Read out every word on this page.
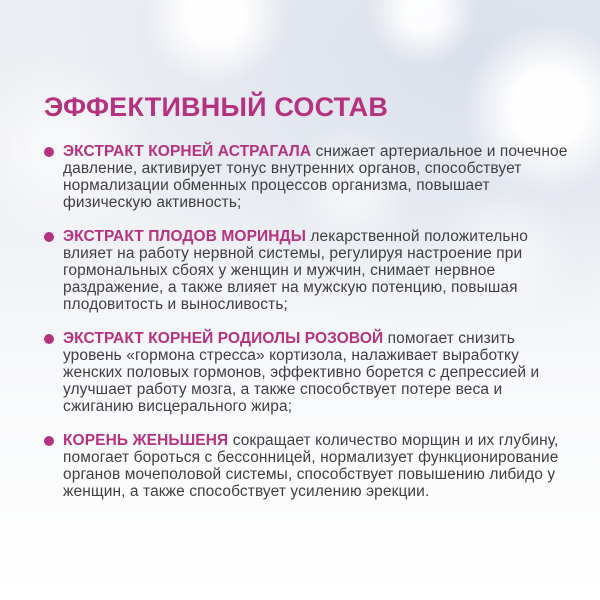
ЭФФЕКТИВНЫЙ СОСТАВ

ЭКСТРАКТ КОРНЕЙ АСТРАГАЛА снижает артериальное и почечное давление, активирует тонус внутренних органов, способствует нормализации обменных процессов организма, повышает физическую активность;

ЭКСТРАКТ ПЛОДОВ МОРИНДЫ лекарственной положительно влияет на работу нервной системы, регулируя настроение при гормональных сбоях у женщин и мужчин, снимает нервное раздражение, а также влияет на мужскую потенцию, повышая плодовитость и выносливость;

ЭКСТРАКТ КОРНЕЙ РОДИОЛЫ РОЗОВОЙ помогает снизить уровень «гормона стресса» кортизола, налаживает выработку женских половых гормонов, эффективно борется с депрессией и улучшает работу мозга, а также способствует потере веса и сжиганию висцерального жира;

КОРЕНЬ ЖЕНЬШЕНЯ сокращает количество морщин и их глубину, помогает бороться с бессонницей, нормализует функционирование органов мочеполовой системы, способствует повышению либидо у женщин, а также способствует усилению эрекции.
